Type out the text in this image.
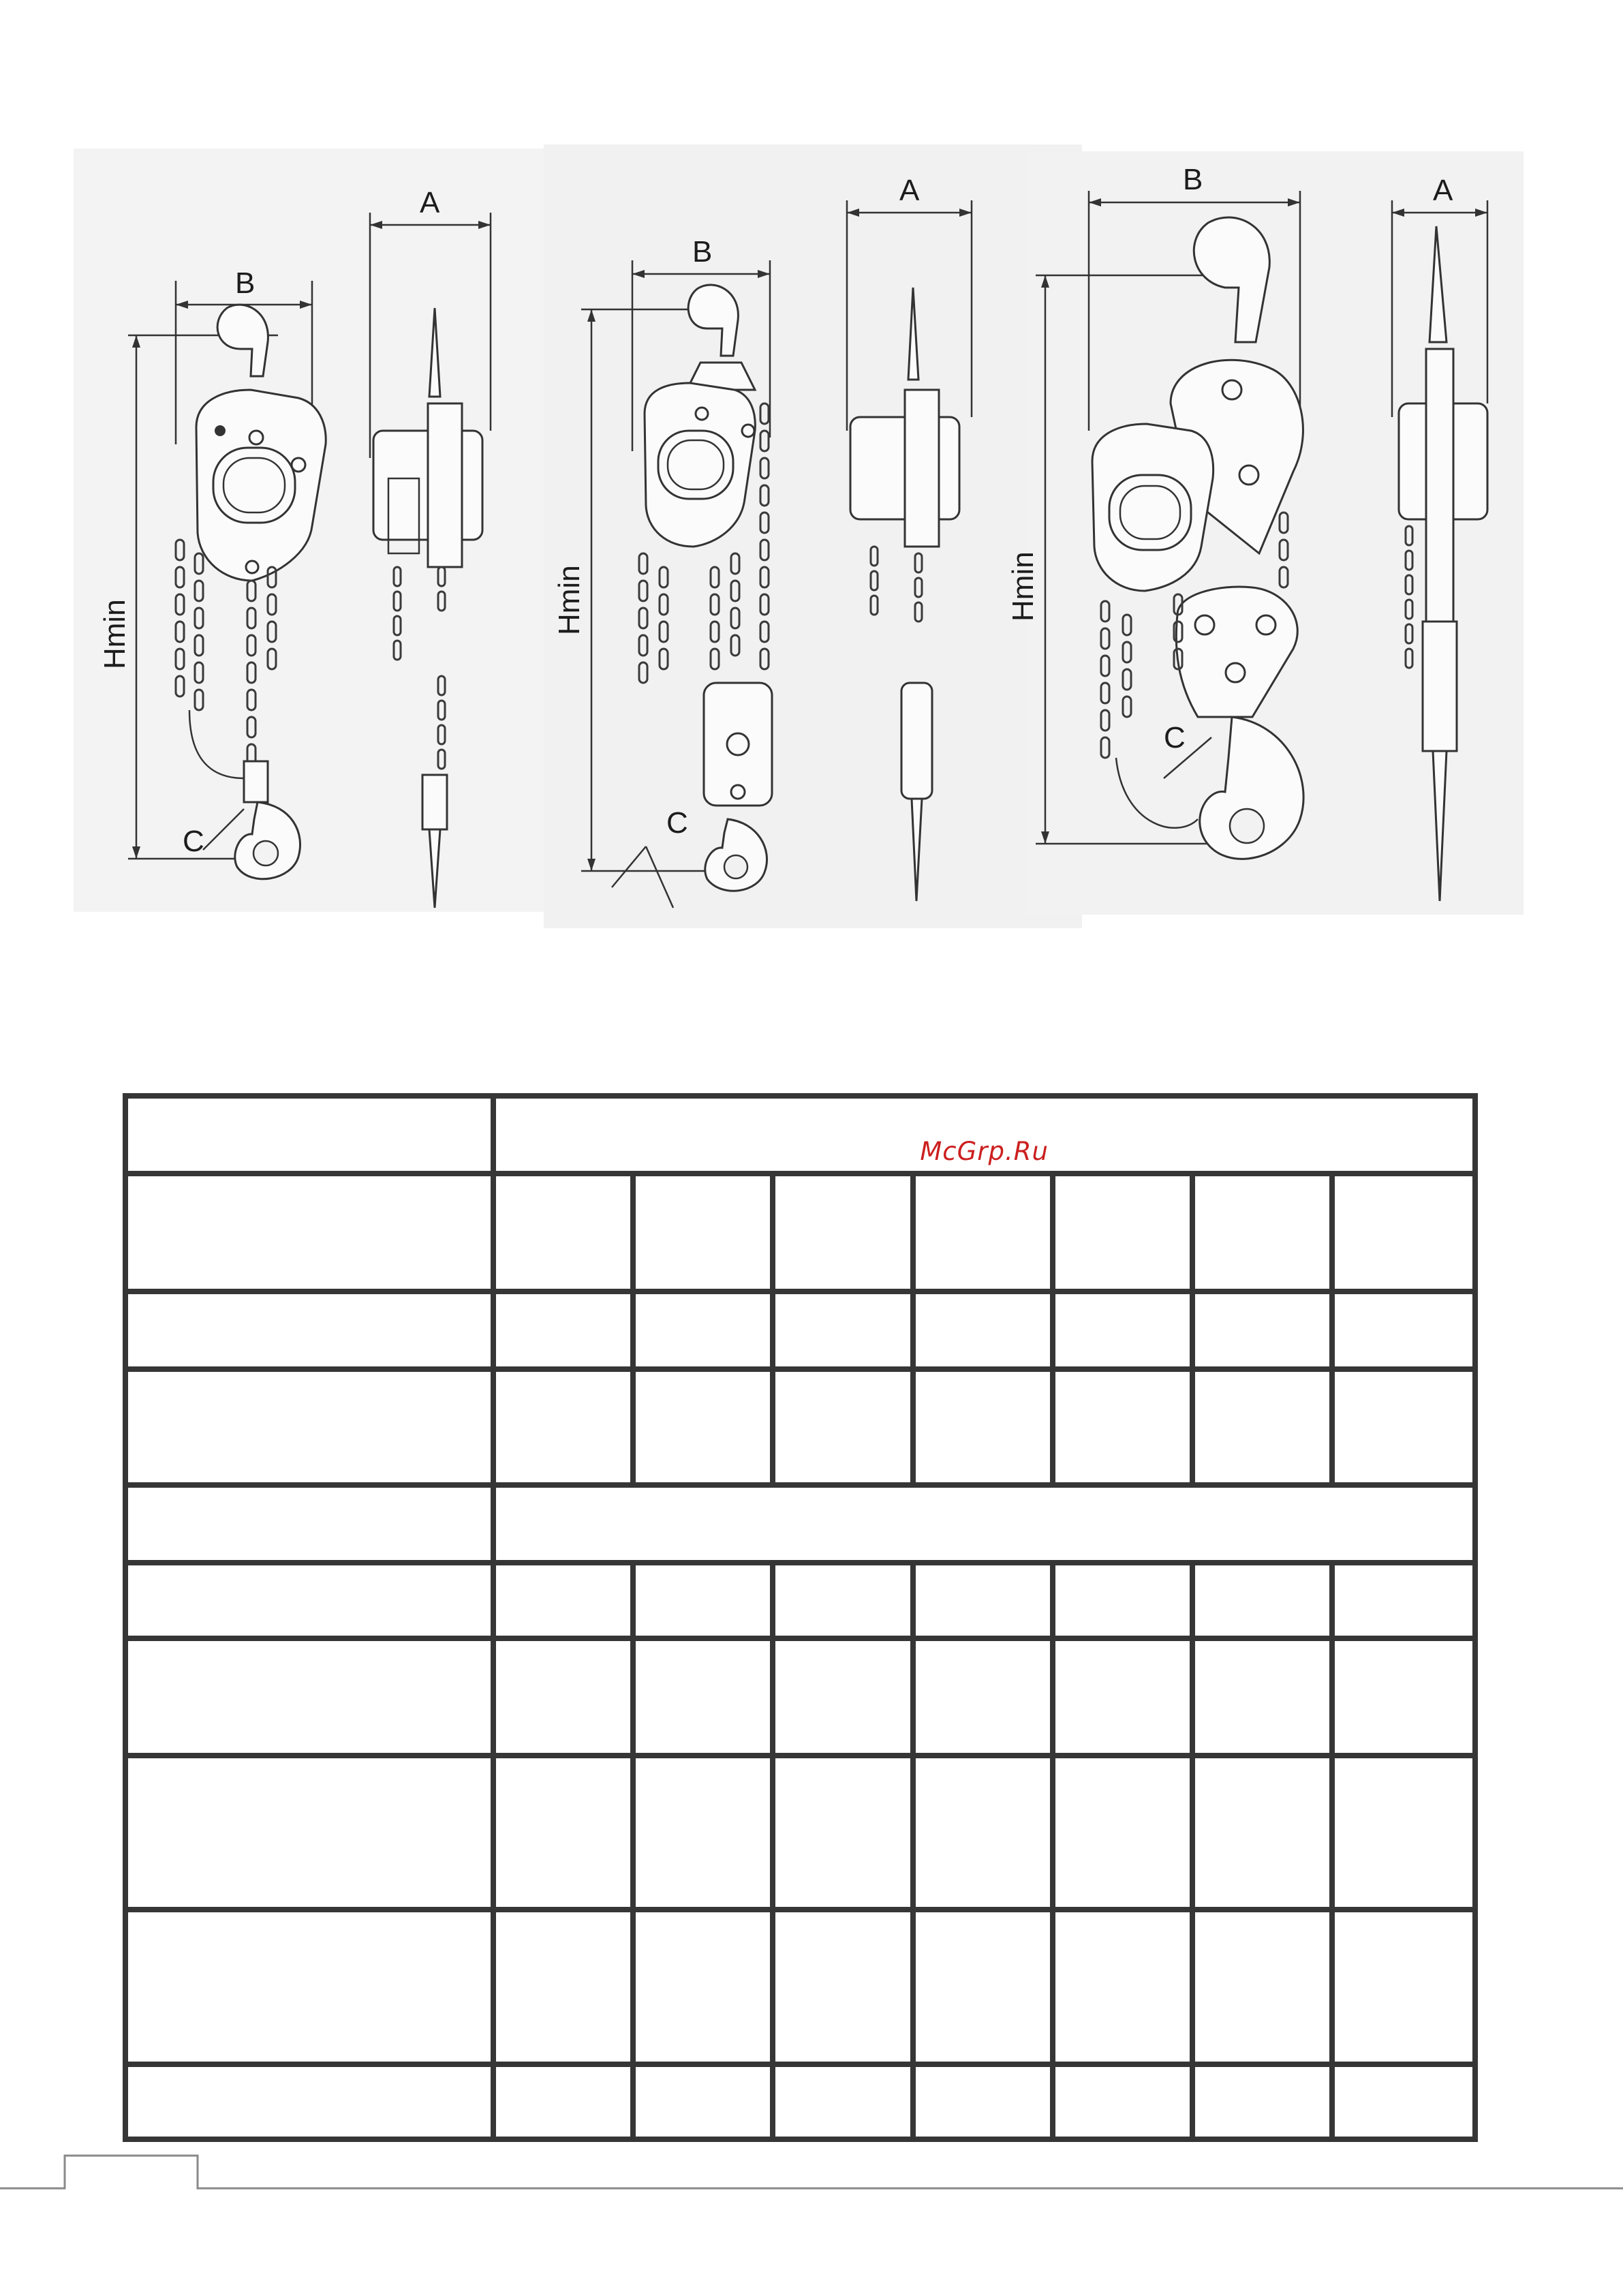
B
Hmin
C
A
B
Hmin
C
A	B
Hmin
C
A
	McGrp.Ru						
